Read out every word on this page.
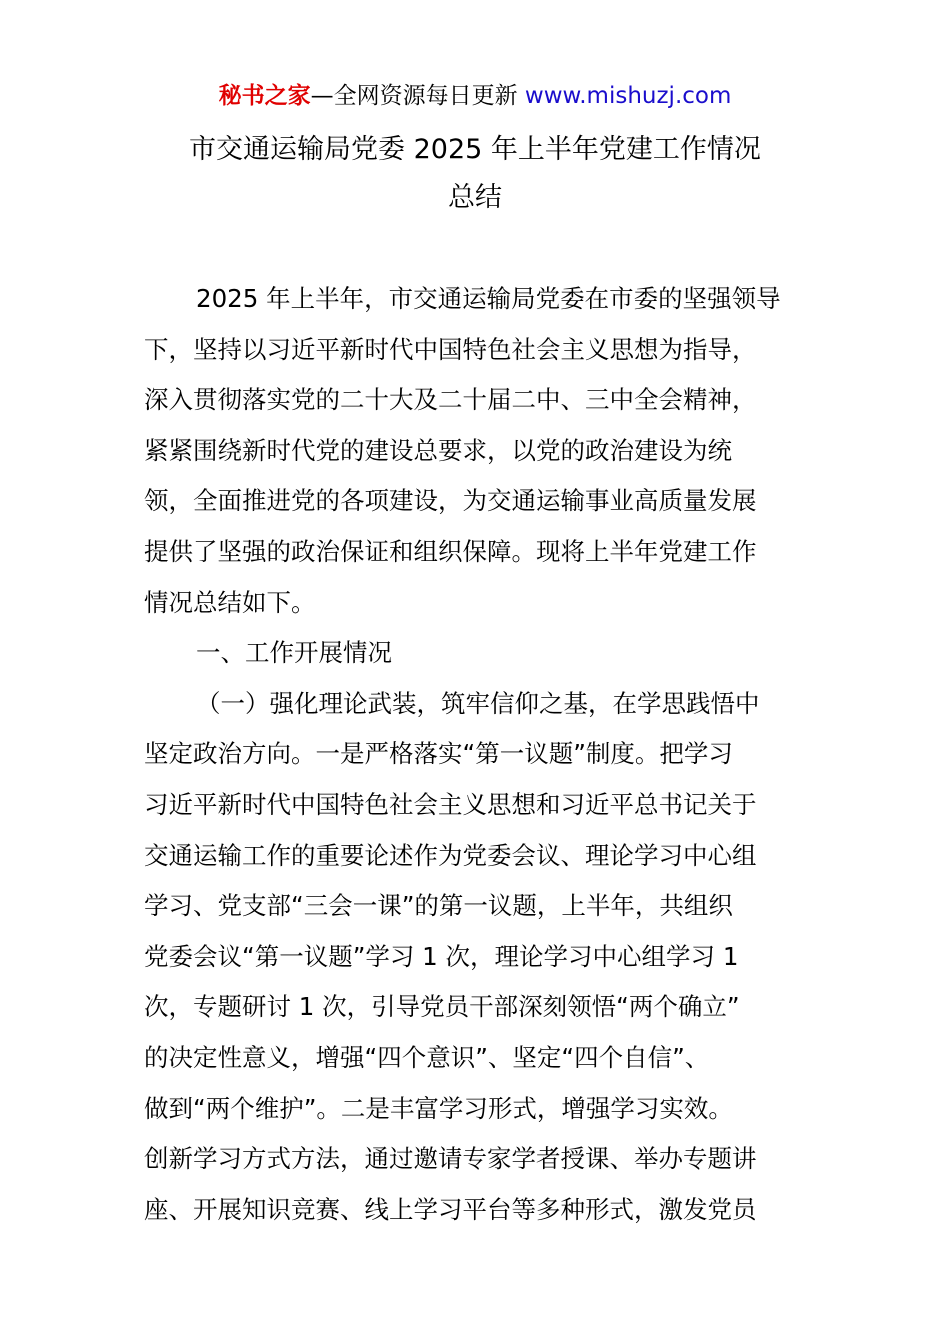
秘书之家—全网资源每日更新 www.mishuzj.com
市交通运输局党委 2025 年上半年党建工作情况
总结
2025 年上半年，市交通运输局党委在市委的坚强领导
下，坚持以习近平新时代中国特色社会主义思想为指导，
深入贯彻落实党的二十大及二十届二中、三中全会精神，
紧紧围绕新时代党的建设总要求，以党的政治建设为统
领，全面推进党的各项建设，为交通运输事业高质量发展
提供了坚强的政治保证和组织保障。现将上半年党建工作
情况总结如下。
一、工作开展情况
（一）强化理论武装，筑牢信仰之基，在学思践悟中
坚定政治方向。一是严格落实“第一议题”制度。把学习
习近平新时代中国特色社会主义思想和习近平总书记关于
交通运输工作的重要论述作为党委会议、理论学习中心组
学习、党支部“三会一课”的第一议题，上半年，共组织
党委会议“第一议题”学习 1 次，理论学习中心组学习 1
次，专题研讨 1 次，引导党员干部深刻领悟“两个确立”
的决定性意义，增强“四个意识”、坚定“四个自信”、
做到“两个维护”。二是丰富学习形式，增强学习实效。
创新学习方式方法，通过邀请专家学者授课、举办专题讲
座、开展知识竞赛、线上学习平台等多种形式，激发党员
